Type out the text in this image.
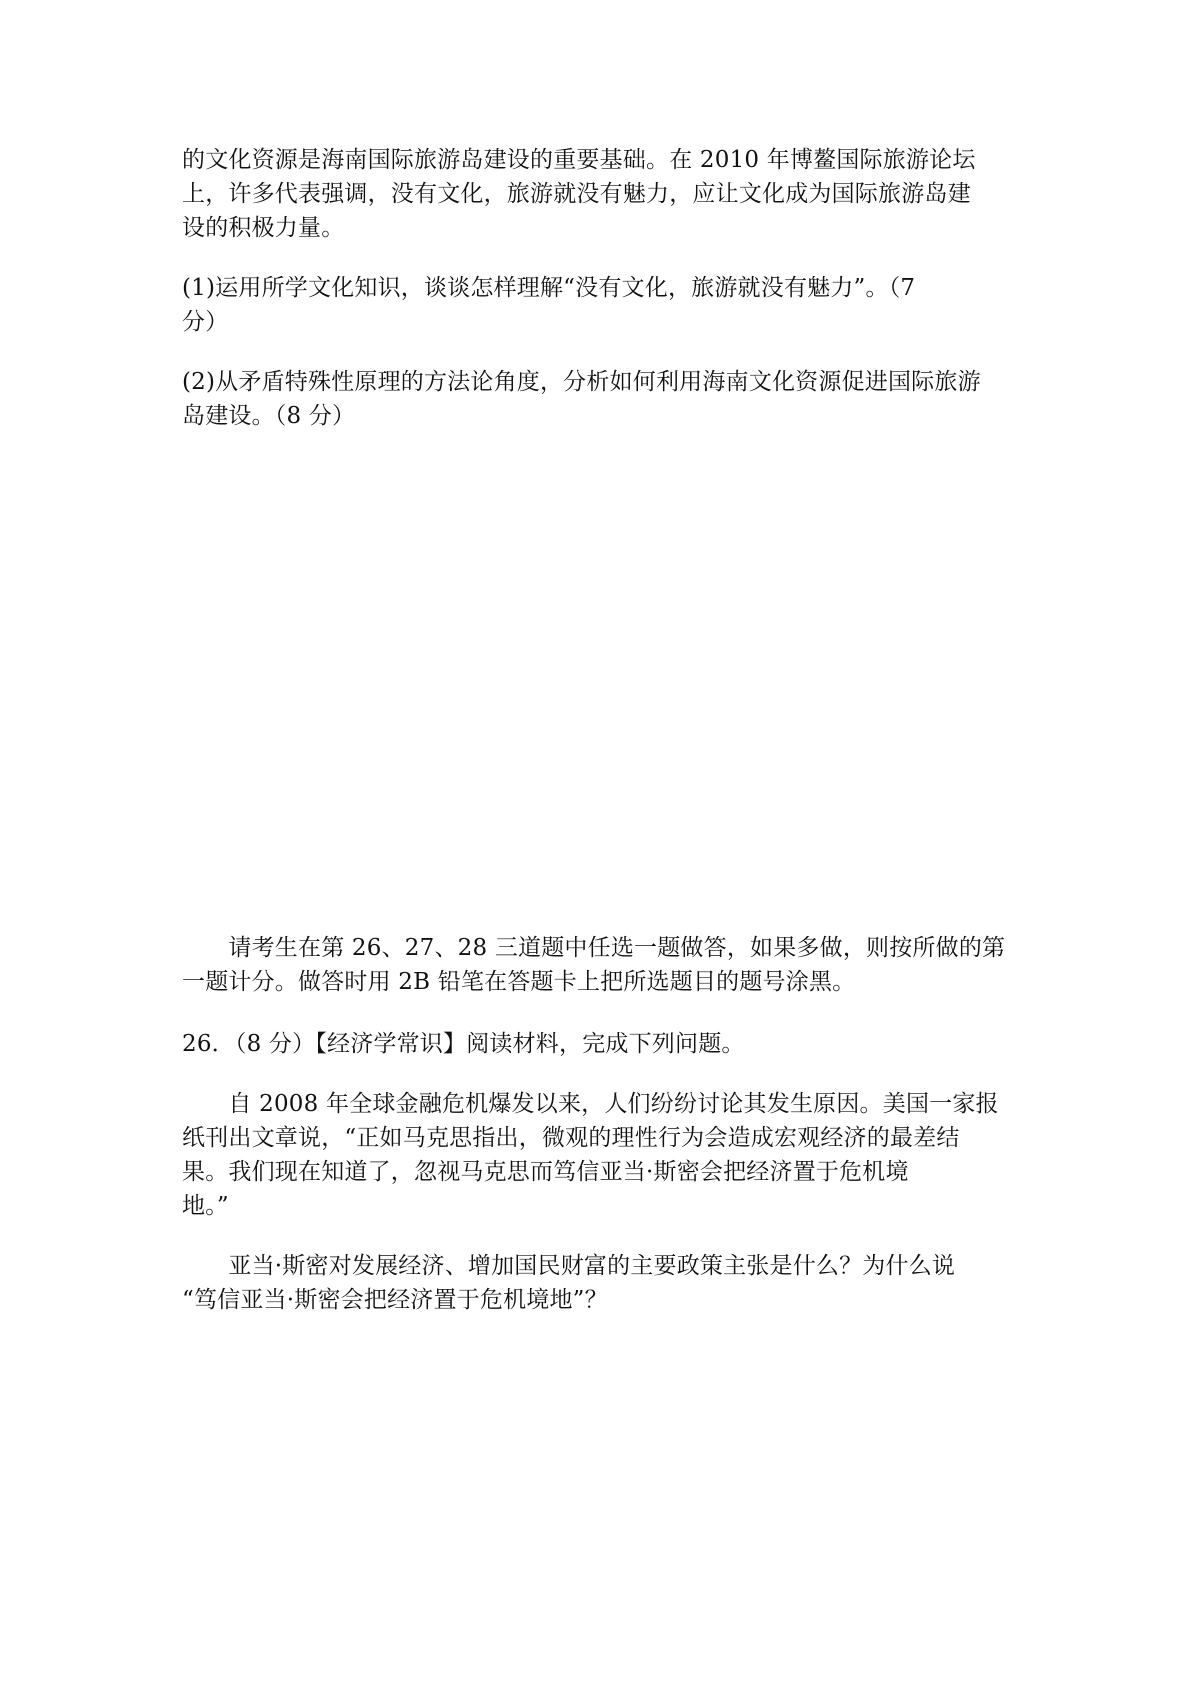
的文化资源是海南国际旅游岛建设的重要基础。在 2010 年博鳌国际旅游论坛
上，许多代表强调，没有文化，旅游就没有魅力，应让文化成为国际旅游岛建
设的积极力量。
(1)运用所学文化知识，谈谈怎样理解“没有文化，旅游就没有魅力”。（7
分）
(2)从矛盾特殊性原理的方法论角度，分析如何利用海南文化资源促进国际旅游
岛建设。（8 分）
　　请考生在第 26、27、28 三道题中任选一题做答，如果多做，则按所做的第
一题计分。做答时用 2B 铅笔在答题卡上把所选题目的题号涂黑。
26．（8 分）【经济学常识】阅读材料，完成下列问题。
　　自 2008 年全球金融危机爆发以来，人们纷纷讨论其发生原因。美国一家报
纸刊出文章说，“正如马克思指出，微观的理性行为会造成宏观经济的最差结
果。我们现在知道了，忽视马克思而笃信亚当·斯密会把经济置于危机境
地。”
　　亚当·斯密对发展经济、增加国民财富的主要政策主张是什么？为什么说
“笃信亚当·斯密会把经济置于危机境地”？
